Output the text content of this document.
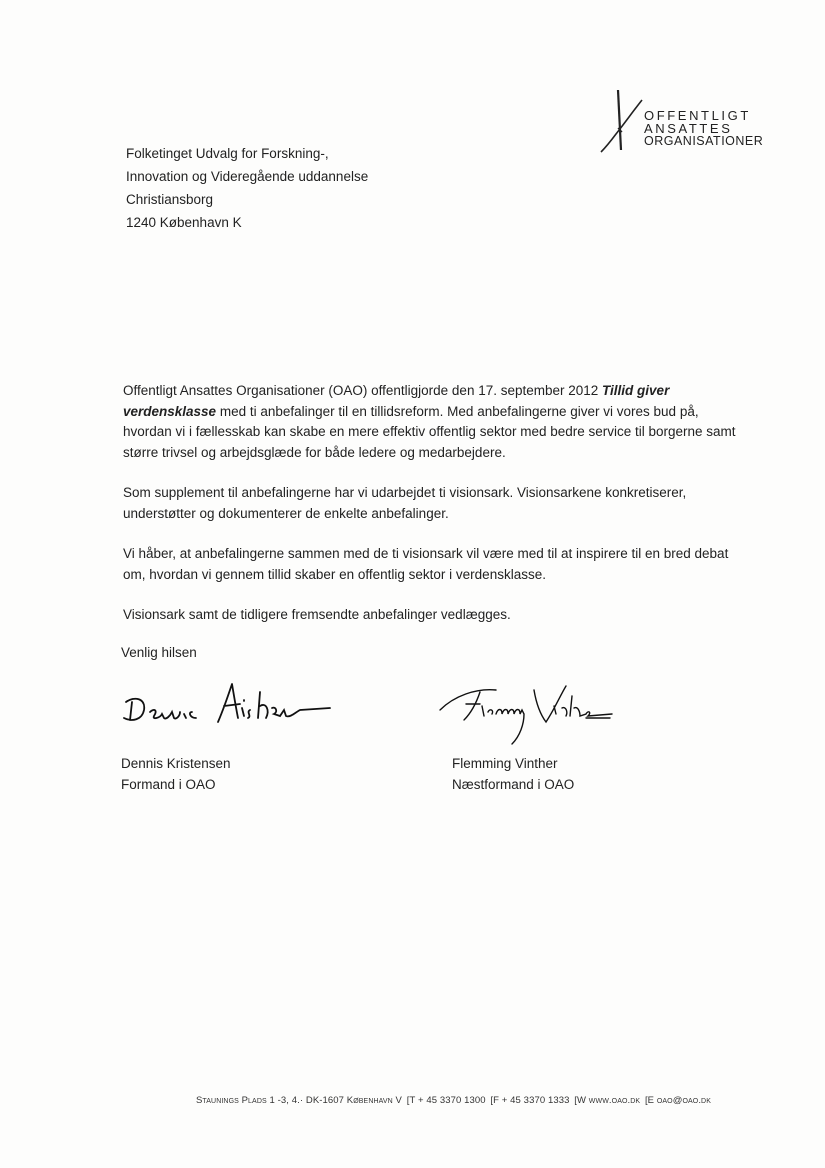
OFFENTLIGT
ANSATTES
ORGANISATIONER
Folketinget Udvalg for Forskning-,
Innovation og Videregående uddannelse
Christiansborg
1240 København K

Offentligt Ansattes Organisationer (OAO) offentligjorde den 17. september 2012 Tillid giver verdensklasse med ti anbefalinger til en tillidsreform. Med anbefalingerne giver vi vores bud på, hvordan vi i fællesskab kan skabe en mere effektiv offentlig sektor med bedre service til borgerne samt større trivsel og arbejdsglæde for både ledere og medarbejdere.

Som supplement til anbefalingerne har vi udarbejdet ti visionsark. Visionsarkene konkretiserer, understøtter og dokumenterer de enkelte anbefalinger.

Vi håber, at anbefalingerne sammen med de ti visionsark vil være med til at inspirere til en bred debat om, hvordan vi gennem tillid skaber en offentlig sektor i verdensklasse.

Visionsark samt de tidligere fremsendte anbefalinger vedlægges.

Venlig hilsen
Dennis Kristensen
Formand i OAO
Flemming Vinther
Næstformand i OAO
Staunings Plads 1 -3, 4.· DK-1607 København V [T + 45 3370 1300 [F + 45 3370 1333 [W www.oao.dk [E oao@oao.dk
